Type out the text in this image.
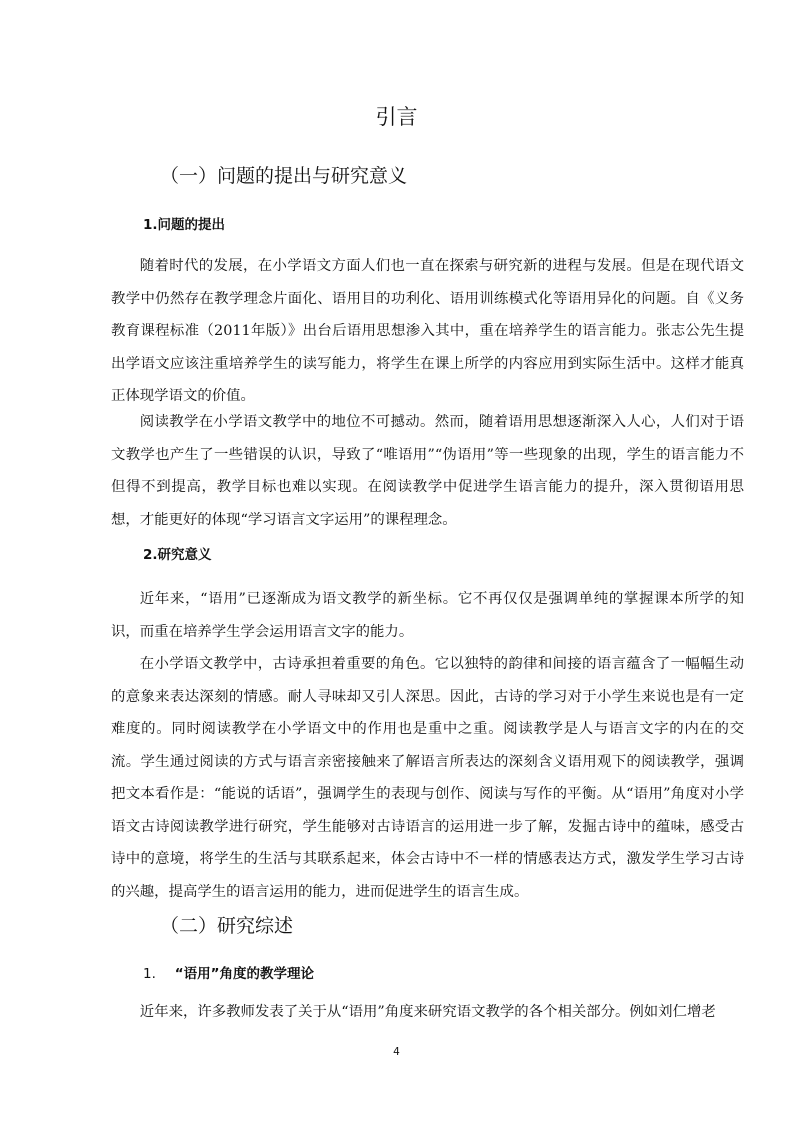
引言
（一）问题的提出与研究意义
1.问题的提出

随着时代的发展，在小学语文方面人们也一直在探索与研究新的进程与发展。但是在现代语文教学中仍然存在教学理念片面化、语用目的功利化、语用训练模式化等语用异化的问题。自《义务教育课程标准（2011年版）》出台后语用思想渗入其中，重在培养学生的语言能力。张志公先生提出学语文应该注重培养学生的读写能力，将学生在课上所学的内容应用到实际生活中。这样才能真正体现学语文的价值。

阅读教学在小学语文教学中的地位不可撼动。然而，随着语用思想逐渐深入人心，人们对于语文教学也产生了一些错误的认识，导致了“唯语用”“伪语用”等一些现象的出现，学生的语言能力不但得不到提高，教学目标也难以实现。在阅读教学中促进学生语言能力的提升，深入贯彻语用思想，才能更好的体现“学习语言文字运用”的课程理念。

2.研究意义

近年来，“语用”已逐渐成为语文教学的新坐标。它不再仅仅是强调单纯的掌握课本所学的知识，而重在培养学生学会运用语言文字的能力。

在小学语文教学中，古诗承担着重要的角色。它以独特的韵律和间接的语言蕴含了一幅幅生动的意象来表达深刻的情感。耐人寻味却又引人深思。因此，古诗的学习对于小学生来说也是有一定难度的。同时阅读教学在小学语文中的作用也是重中之重。阅读教学是人与语言文字的内在的交流。学生通过阅读的方式与语言亲密接触来了解语言所表达的深刻含义语用观下的阅读教学，强调把文本看作是：“能说的话语”，强调学生的表现与创作、阅读与写作的平衡。从“语用”角度对小学语文古诗阅读教学进行研究，学生能够对古诗语言的运用进一步了解，发掘古诗中的蕴味，感受古诗中的意境，将学生的生活与其联系起来，体会古诗中不一样的情感表达方式，激发学生学习古诗的兴趣，提高学生的语言运用的能力，进而促进学生的语言生成。

（二）研究综述
1. “语用”角度的教学理论

近年来，许多教师发表了关于从“语用”角度来研究语文教学的各个相关部分。例如刘仁增老

4
